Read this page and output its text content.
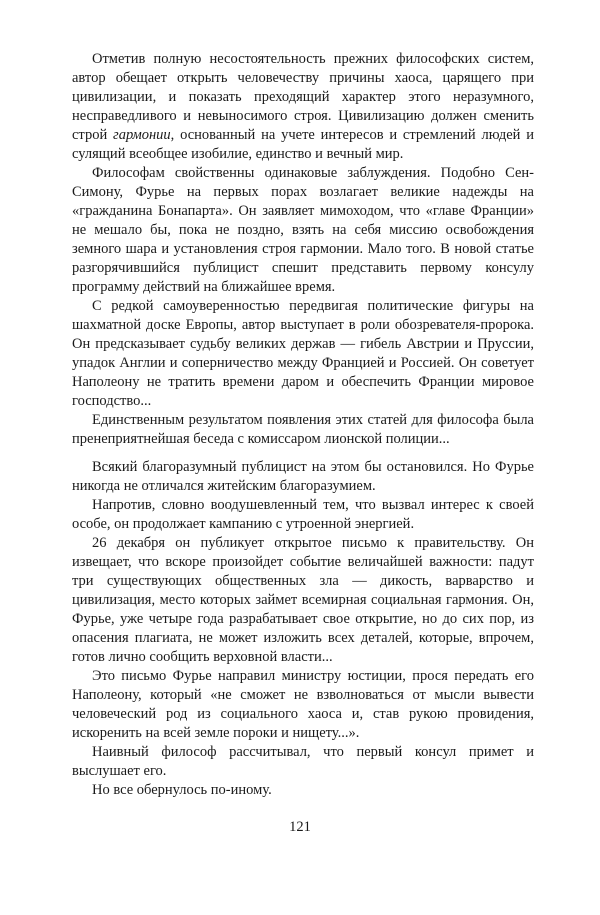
Отметив полную несостоятельность прежних философских систем, автор обещает открыть человечеству причины хаоса, царящего при цивилизации, и показать преходящий характер этого неразумного, несправедливого и невыносимого строя. Цивилизацию должен сменить строй гармонии, основанный на учете интересов и стремлений людей и сулящий всеобщее изобилие, единство и вечный мир.

Философам свойственны одинаковые заблуждения. Подобно Сен-Симону, Фурье на первых порах возлагает великие надежды на «гражданина Бонапарта». Он заявляет мимоходом, что «главе Франции» не мешало бы, пока не поздно, взять на себя миссию освобождения земного шара и установления строя гармонии. Мало того. В новой статье разгорячившийся публицист спешит представить первому консулу программу действий на ближайшее время.

С редкой самоуверенностью передвигая политические фигуры на шахматной доске Европы, автор выступает в роли обозревателя-пророка. Он предсказывает судьбу великих держав — гибель Австрии и Пруссии, упадок Англии и соперничество между Францией и Россией. Он советует Наполеону не тратить времени даром и обеспечить Франции мировое господство...

Единственным результатом появления этих статей для философа была пренеприятнейшая беседа с комиссаром лионской полиции...

Всякий благоразумный публицист на этом бы остановился. Но Фурье никогда не отличался житейским благоразумием.

Напротив, словно воодушевленный тем, что вызвал интерес к своей особе, он продолжает кампанию с утроенной энергией.

26 декабря он публикует открытое письмо к правительству. Он извещает, что вскоре произойдет событие величайшей важности: падут три существующих общественных зла — дикость, варварство и цивилизация, место которых займет всемирная социальная гармония. Он, Фурье, уже четыре года разрабатывает свое открытие, но до сих пор, из опасения плагиата, не может изложить всех деталей, которые, впрочем, готов лично сообщить верховной власти...

Это письмо Фурье направил министру юстиции, прося передать его Наполеону, который «не сможет не взволноваться от мысли вывести человеческий род из социального хаоса и, став рукою провидения, искоренить на всей земле пороки и нищету...».

Наивный философ рассчитывал, что первый консул примет и выслушает его.

Но все обернулось по-иному.

121
